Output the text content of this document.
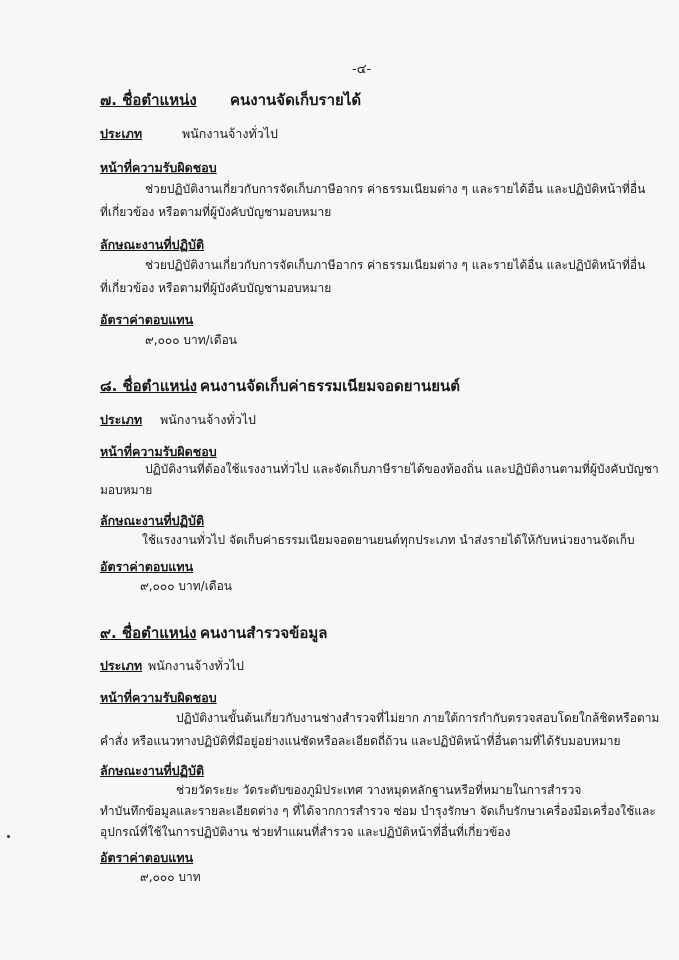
-๔-
๗. ชื่อตำแหน่ง คนงานจัดเก็บรายได้
ประเภท	พนักงานจ้างทั่วไป
หน้าที่ความรับผิดชอบ
ช่วยปฏิบัติงานเกี่ยวกับการจัดเก็บภาษีอากร ค่าธรรมเนียมต่าง ๆ และรายได้อื่น และปฏิบัติหน้าที่อื่น
ที่เกี่ยวข้อง หรือตามที่ผู้บังคับบัญชามอบหมาย
ลักษณะงานที่ปฏิบัติ
ช่วยปฏิบัติงานเกี่ยวกับการจัดเก็บภาษีอากร ค่าธรรมเนียมต่าง ๆ และรายได้อื่น และปฏิบัติหน้าที่อื่น
ที่เกี่ยวข้อง หรือตามที่ผู้บังคับบัญชามอบหมาย
อัตราค่าตอบแทน
๙,๐๐๐ บาท/เดือน
๘. ชื่อตำแหน่ง คนงานจัดเก็บค่าธรรมเนียมจอดยานยนต์
ประเภท พนักงานจ้างทั่วไป
หน้าที่ความรับผิดชอบ
ปฏิบัติงานที่ต้องใช้แรงงานทั่วไป และจัดเก็บภาษีรายได้ของท้องถิ่น และปฏิบัติงานตามที่ผู้บังคับบัญชา
มอบหมาย
ลักษณะงานที่ปฏิบัติ
ใช้แรงงานทั่วไป จัดเก็บค่าธรรมเนียมจอดยานยนต์ทุกประเภท นำส่งรายได้ให้กับหน่วยงานจัดเก็บ
อัตราค่าตอบแทน
๙,๐๐๐ บาท/เดือน
๙. ชื่อตำแหน่ง คนงานสำรวจข้อมูล
ประเภท พนักงานจ้างทั่วไป
หน้าที่ความรับผิดชอบ
ปฏิบัติงานขั้นต้นเกี่ยวกับงานช่างสำรวจที่ไม่ยาก ภายใต้การกำกับตรวจสอบโดยใกล้ชิดหรือตาม
คำสั่ง หรือแนวทางปฏิบัติที่มีอยู่อย่างแน่ชัดหรือละเอียดถี่ถ้วน และปฏิบัติหน้าที่อื่นตามที่ได้รับมอบหมาย
ลักษณะงานที่ปฏิบัติ
ช่วยวัดระยะ วัดระดับของภูมิประเทศ วางหมุดหลักฐานหรือที่หมายในการสำรวจ
ทำบันทึกข้อมูลและรายละเอียดต่าง ๆ ที่ได้จากการสำรวจ ซ่อม บำรุงรักษา จัดเก็บรักษาเครื่องมือเครื่องใช้และ
อุปกรณ์ที่ใช้ในการปฏิบัติงาน ช่วยทำแผนที่สำรวจ และปฏิบัติหน้าที่อื่นที่เกี่ยวข้อง
อัตราค่าตอบแทน
๙,๐๐๐ บาท
